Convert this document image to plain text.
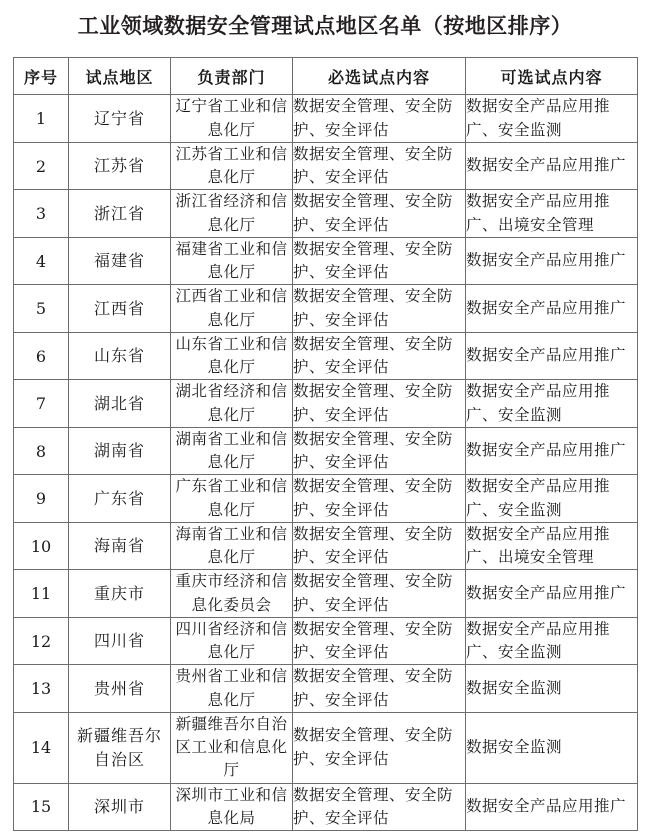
工业领域数据安全管理试点地区名单（按地区排序）
序号	试点地区	负责部门	必选试点内容	可选试点内容
1	辽宁省	辽宁省工业和信息化厅	数据安全管理、安全防护、安全评估	数据安全产品应用推广、安全监测
2	江苏省	江苏省工业和信息化厅	数据安全管理、安全防护、安全评估	数据安全产品应用推广
3	浙江省	浙江省经济和信息化厅	数据安全管理、安全防护、安全评估	数据安全产品应用推广、出境安全管理
4	福建省	福建省工业和信息化厅	数据安全管理、安全防护、安全评估	数据安全产品应用推广
5	江西省	江西省工业和信息化厅	数据安全管理、安全防护、安全评估	数据安全产品应用推广
6	山东省	山东省工业和信息化厅	数据安全管理、安全防护、安全评估	数据安全产品应用推广
7	湖北省	湖北省经济和信息化厅	数据安全管理、安全防护、安全评估	数据安全产品应用推广、安全监测
8	湖南省	湖南省工业和信息化厅	数据安全管理、安全防护、安全评估	数据安全产品应用推广
9	广东省	广东省工业和信息化厅	数据安全管理、安全防护、安全评估	数据安全产品应用推广、安全监测
10	海南省	海南省工业和信息化厅	数据安全管理、安全防护、安全评估	数据安全产品应用推广、出境安全管理
11	重庆市	重庆市经济和信息化委员会	数据安全管理、安全防护、安全评估	数据安全产品应用推广
12	四川省	四川省经济和信息化厅	数据安全管理、安全防护、安全评估	数据安全产品应用推广、安全监测
13	贵州省	贵州省工业和信息化厅	数据安全管理、安全防护、安全评估	数据安全监测
14	新疆维吾尔自治区	新疆维吾尔自治区工业和信息化厅	数据安全管理、安全防护、安全评估	数据安全监测
15	深圳市	深圳市工业和信息化局	数据安全管理、安全防护、安全评估	数据安全产品应用推广
